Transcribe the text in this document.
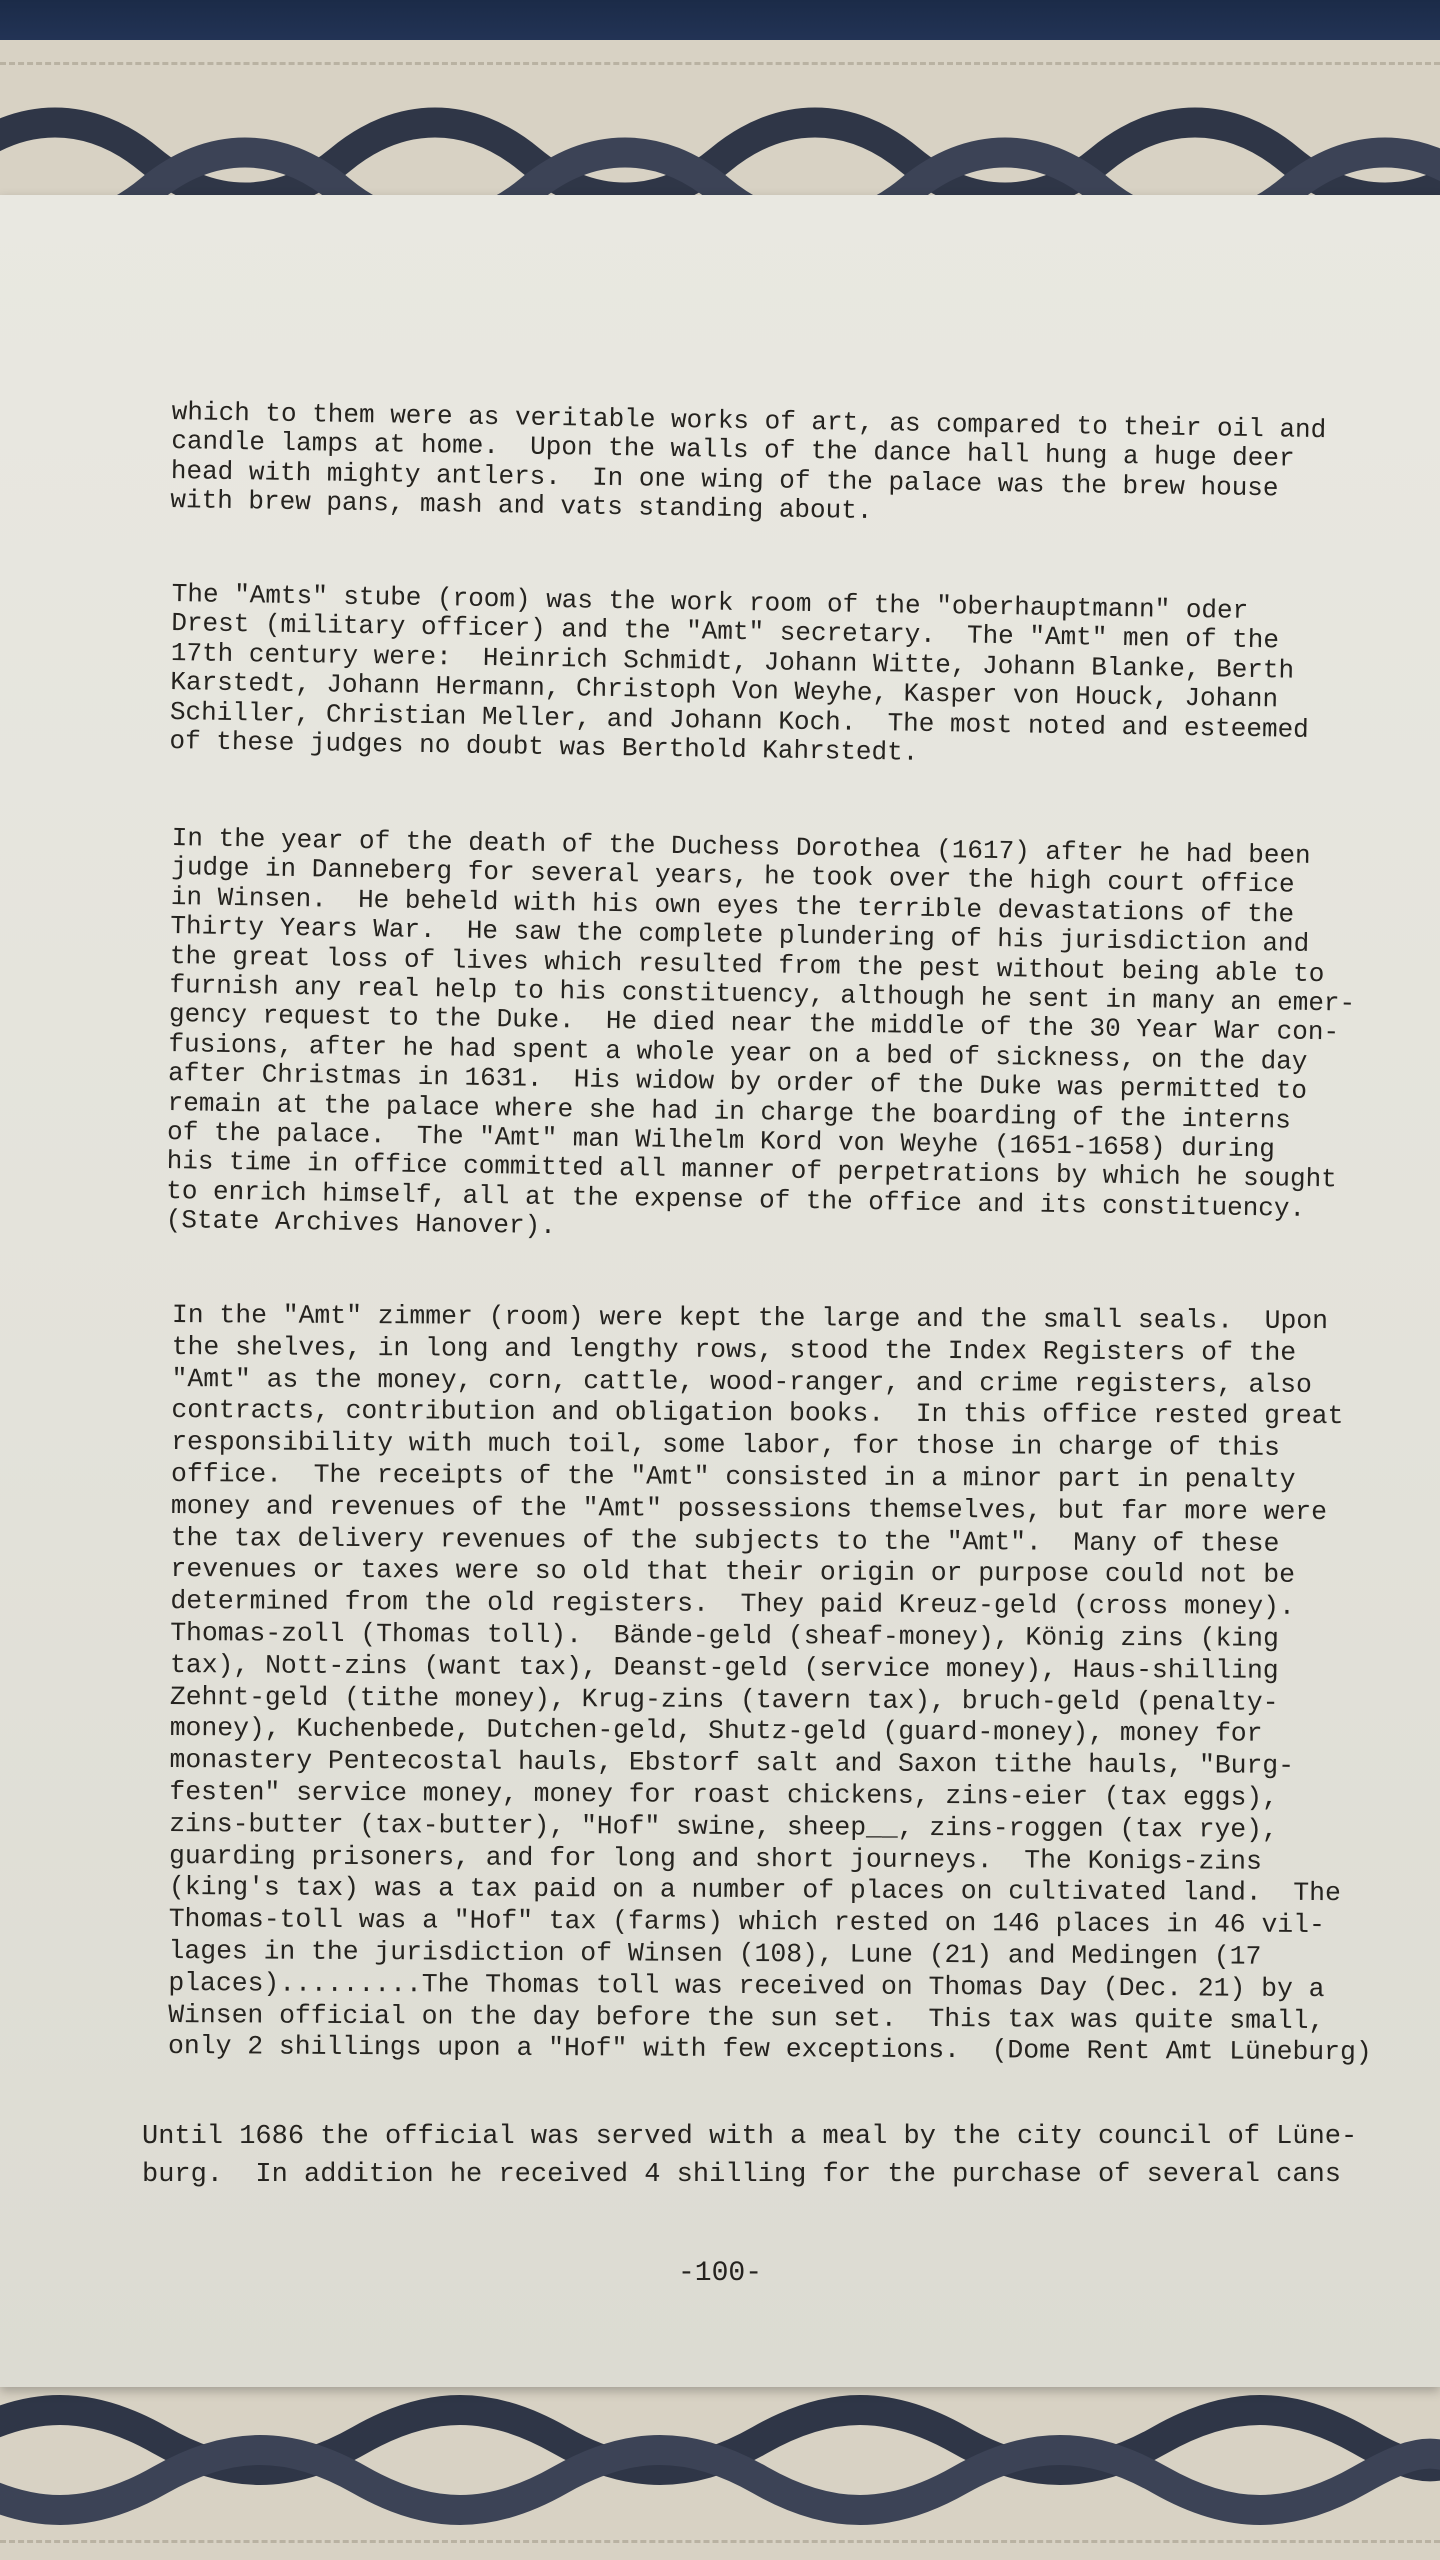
which to them were as veritable works of art, as compared to their oil and
candle lamps at home.  Upon the walls of the dance hall hung a huge deer
head with mighty antlers.  In one wing of the palace was the brew house
with brew pans, mash and vats standing about.

The "Amts" stube (room) was the work room of the "oberhauptmann" oder
Drest (military officer) and the "Amt" secretary.  The "Amt" men of the
17th century were:  Heinrich Schmidt, Johann Witte, Johann Blanke, Berth
Karstedt, Johann Hermann, Christoph Von Weyhe, Kasper von Houck, Johann
Schiller, Christian Meller, and Johann Koch.  The most noted and esteemed
of these judges no doubt was Berthold Kahrstedt.

In the year of the death of the Duchess Dorothea (1617) after he had been
judge in Danneberg for several years, he took over the high court office
in Winsen.  He beheld with his own eyes the terrible devastations of the
Thirty Years War.  He saw the complete plundering of his jurisdiction and
the great loss of lives which resulted from the pest without being able to
furnish any real help to his constituency, although he sent in many an emer-
gency request to the Duke.  He died near the middle of the 30 Year War con-
fusions, after he had spent a whole year on a bed of sickness, on the day
after Christmas in 1631.  His widow by order of the Duke was permitted to
remain at the palace where she had in charge the boarding of the interns
of the palace.  The "Amt" man Wilhelm Kord von Weyhe (1651-1658) during
his time in office committed all manner of perpetrations by which he sought
to enrich himself, all at the expense of the office and its constituency.
(State Archives Hanover).

In the "Amt" zimmer (room) were kept the large and the small seals.  Upon
the shelves, in long and lengthy rows, stood the Index Registers of the
"Amt" as the money, corn, cattle, wood-ranger, and crime registers, also
contracts, contribution and obligation books.  In this office rested great
responsibility with much toil, some labor, for those in charge of this
office.  The receipts of the "Amt" consisted in a minor part in penalty
money and revenues of the "Amt" possessions themselves, but far more were
the tax delivery revenues of the subjects to the "Amt".  Many of these
revenues or taxes were so old that their origin or purpose could not be
determined from the old registers.  They paid Kreuz-geld (cross money).
Thomas-zoll (Thomas toll).  Bände-geld (sheaf-money), König zins (king
tax), Nott-zins (want tax), Deanst-geld (service money), Haus-shilling
Zehnt-geld (tithe money), Krug-zins (tavern tax), bruch-geld (penalty-
money), Kuchenbede, Dutchen-geld, Shutz-geld (guard-money), money for
monastery Pentecostal hauls, Ebstorf salt and Saxon tithe hauls, "Burg-
festen" service money, money for roast chickens, zins-eier (tax eggs),
zins-butter (tax-butter), "Hof" swine, sheep__, zins-roggen (tax rye),
guarding prisoners, and for long and short journeys.  The Konigs-zins
(king's tax) was a tax paid on a number of places on cultivated land.  The
Thomas-toll was a "Hof" tax (farms) which rested on 146 places in 46 vil-
lages in the jurisdiction of Winsen (108), Lune (21) and Medingen (17
places).........The Thomas toll was received on Thomas Day (Dec. 21) by a
Winsen official on the day before the sun set.  This tax was quite small,
only 2 shillings upon a "Hof" with few exceptions.  (Dome Rent Amt Lüneburg)

Until 1686 the official was served with a meal by the city council of Lüne-
burg.  In addition he received 4 shilling for the purchase of several cans

-100-
